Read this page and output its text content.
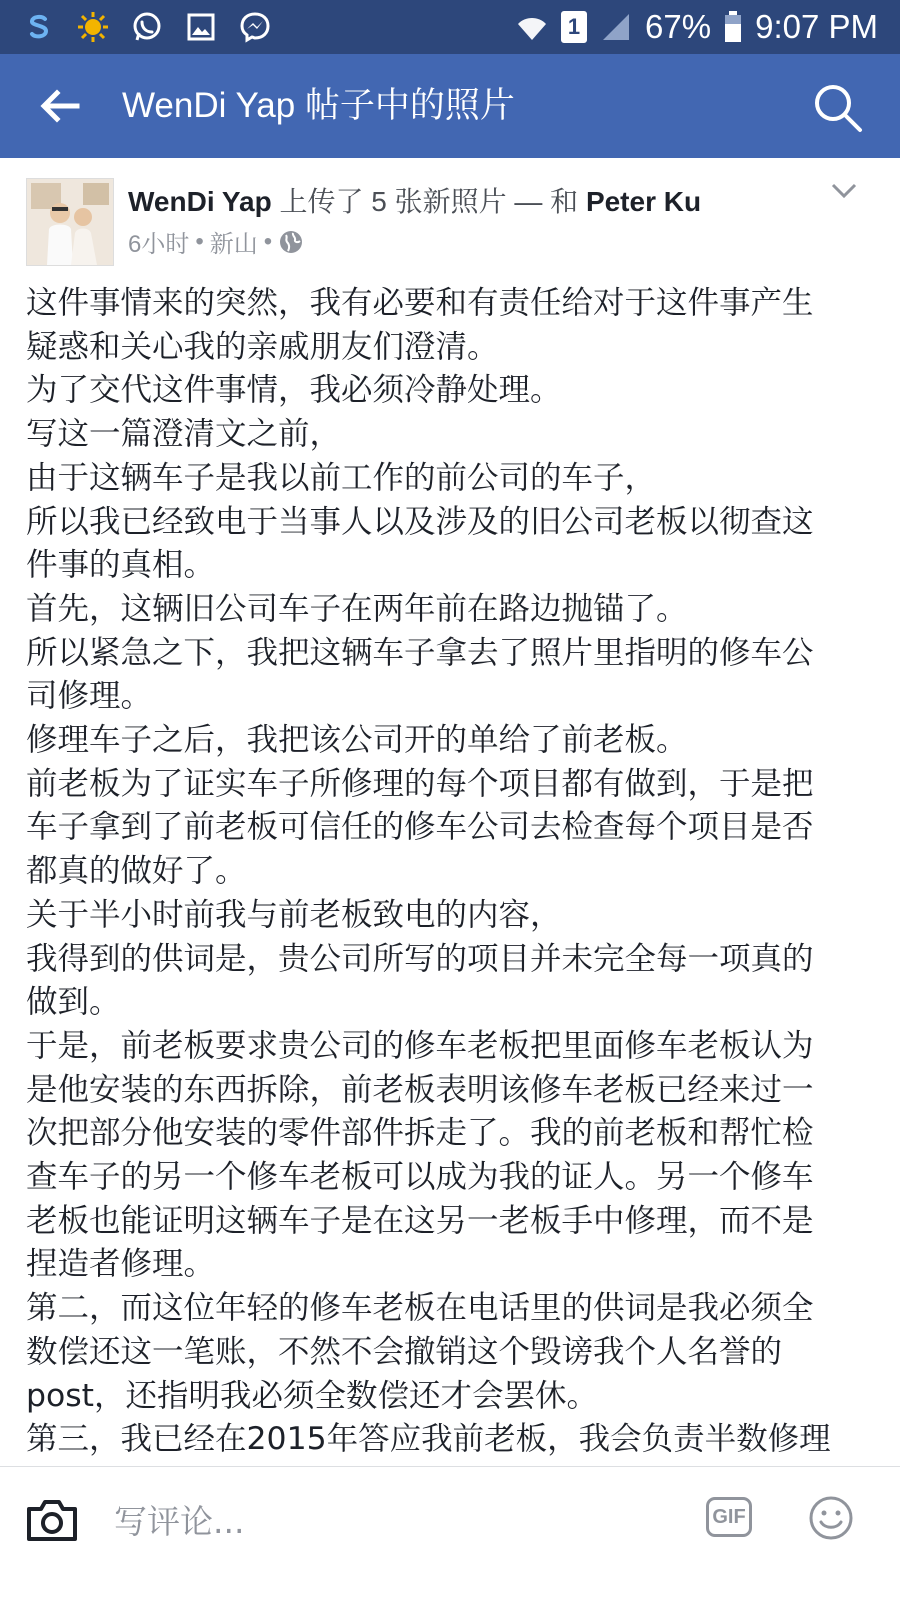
1 67% 9:07 PM
WenDi Yap 帖子中的照片
WenDi Yap 上传了 5 张新照片 — 和 Peter Ku
6小时 • 新山 •
这件事情来的突然，我有必要和有责任给对于这件事产生
疑惑和关心我的亲戚朋友们澄清。
为了交代这件事情，我必须冷静处理。
写这一篇澄清文之前，
由于这辆车子是我以前工作的前公司的车子，
所以我已经致电于当事人以及涉及的旧公司老板以彻查这
件事的真相。
首先，这辆旧公司车子在两年前在路边抛锚了。
所以紧急之下，我把这辆车子拿去了照片里指明的修车公
司修理。
修理车子之后，我把该公司开的单给了前老板。
前老板为了证实车子所修理的每个项目都有做到，于是把
车子拿到了前老板可信任的修车公司去检查每个项目是否
都真的做好了。
关于半小时前我与前老板致电的内容，
我得到的供词是，贵公司所写的项目并未完全每一项真的
做到。
于是，前老板要求贵公司的修车老板把里面修车老板认为
是他安装的东西拆除，前老板表明该修车老板已经来过一
次把部分他安装的零件部件拆走了。我的前老板和帮忙检
查车子的另一个修车老板可以成为我的证人。另一个修车
老板也能证明这辆车子是在这另一老板手中修理，而不是
捏造者修理。
第二，而这位年轻的修车老板在电话里的供词是我必须全
数偿还这一笔账，不然不会撤销这个毁谤我个人名誉的
post，还指明我必须全数偿还才会罢休。
第三，我已经在2015年答应我前老板，我会负责半数修理
写评论...
GIF
